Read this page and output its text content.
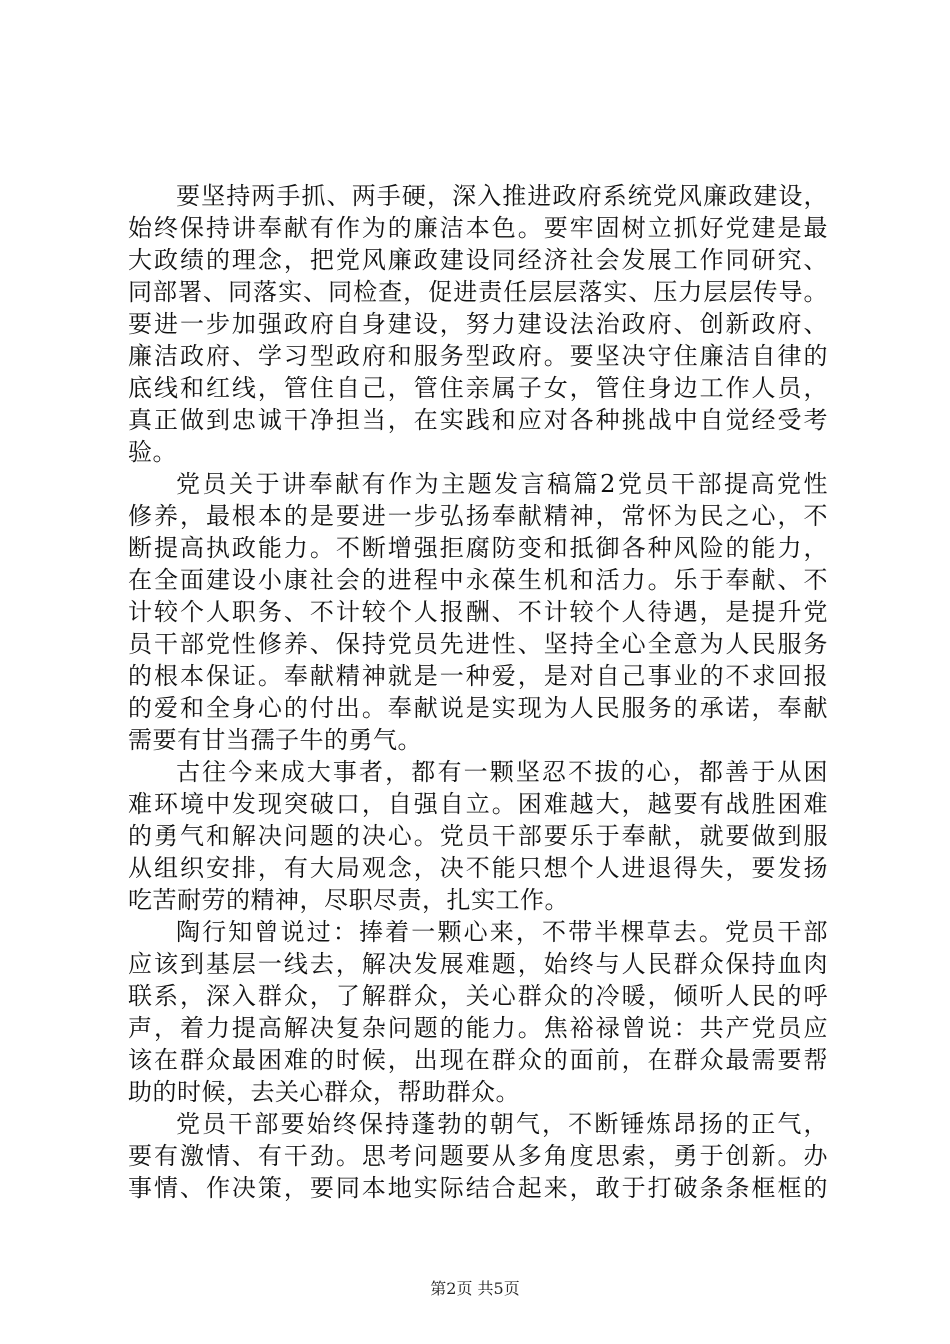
要坚持两手抓、两手硬，深入推进政府系统党风廉政建设，
始终保持讲奉献有作为的廉洁本色。要牢固树立抓好党建是最
大政绩的理念，把党风廉政建设同经济社会发展工作同研究、
同部署、同落实、同检查，促进责任层层落实、压力层层传导。
要进一步加强政府自身建设，努力建设法治政府、创新政府、
廉洁政府、学习型政府和服务型政府。要坚决守住廉洁自律的
底线和红线，管住自己，管住亲属子女，管住身边工作人员，
真正做到忠诚干净担当，在实践和应对各种挑战中自觉经受考
验。
党员关于讲奉献有作为主题发言稿篇2党员干部提高党性
修养，最根本的是要进一步弘扬奉献精神，常怀为民之心，不
断提高执政能力。不断增强拒腐防变和抵御各种风险的能力，
在全面建设小康社会的进程中永葆生机和活力。乐于奉献、不
计较个人职务、不计较个人报酬、不计较个人待遇，是提升党
员干部党性修养、保持党员先进性、坚持全心全意为人民服务
的根本保证。奉献精神就是一种爱，是对自己事业的不求回报
的爱和全身心的付出。奉献说是实现为人民服务的承诺，奉献
需要有甘当孺子牛的勇气。
古往今来成大事者，都有一颗坚忍不拔的心，都善于从困
难环境中发现突破口，自强自立。困难越大，越要有战胜困难
的勇气和解决问题的决心。党员干部要乐于奉献，就要做到服
从组织安排，有大局观念，决不能只想个人进退得失，要发扬
吃苦耐劳的精神，尽职尽责，扎实工作。
陶行知曾说过：捧着一颗心来，不带半棵草去。党员干部
应该到基层一线去，解决发展难题，始终与人民群众保持血肉
联系，深入群众，了解群众，关心群众的冷暖，倾听人民的呼
声，着力提高解决复杂问题的能力。焦裕禄曾说：共产党员应
该在群众最困难的时候，出现在群众的面前，在群众最需要帮
助的时候，去关心群众，帮助群众。
党员干部要始终保持蓬勃的朝气，不断锤炼昂扬的正气，
要有激情、有干劲。思考问题要从多角度思索，勇于创新。办
事情、作决策，要同本地实际结合起来，敢于打破条条框框的
第2页 共5页
